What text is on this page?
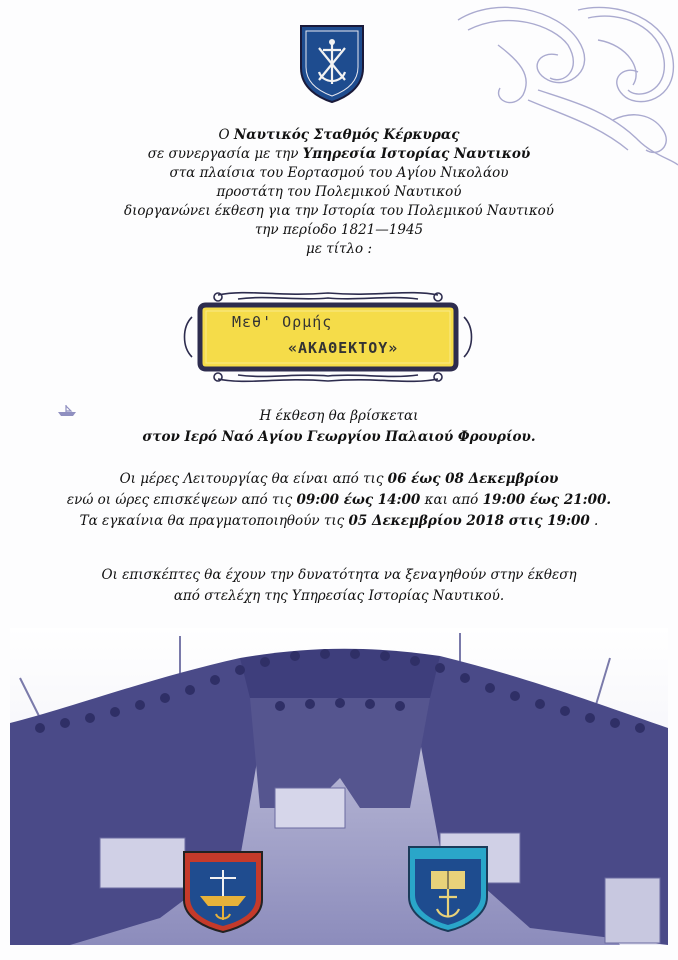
Ο Ναυτικός Σταθμός Κέρκυρας
σε συνεργασία με την Υπηρεσία Ιστορίας Ναυτικού
στα πλαίσια του Εορτασμού του Αγίου Νικολάου
προστάτη του Πολεμικού Ναυτικού
διοργανώνει έκθεση για την Ιστορία του Πολεμικού Ναυτικού
την περίοδο 1821—1945
με τίτλο :
Μεθ' Ορμής
«ΑΚΑΘΕΚΤΟΥ»
Η έκθεση θα βρίσκεται
στον Ιερό Ναό Αγίου Γεωργίου Παλαιού Φρουρίου.
Οι μέρες Λειτουργίας θα είναι από τις 06 έως 08 Δεκεμβρίου
ενώ οι ώρες επισκέψεων από τις 09:00 έως 14:00 και από 19:00 έως 21:00.
Τα εγκαίνια θα πραγματοποιηθούν τις 05 Δεκεμβρίου 2018 στις 19:00 .
Οι επισκέπτες θα έχουν την δυνατότητα να ξεναγηθούν στην έκθεση
από στελέχη της Υπηρεσίας Ιστορίας Ναυτικού.
